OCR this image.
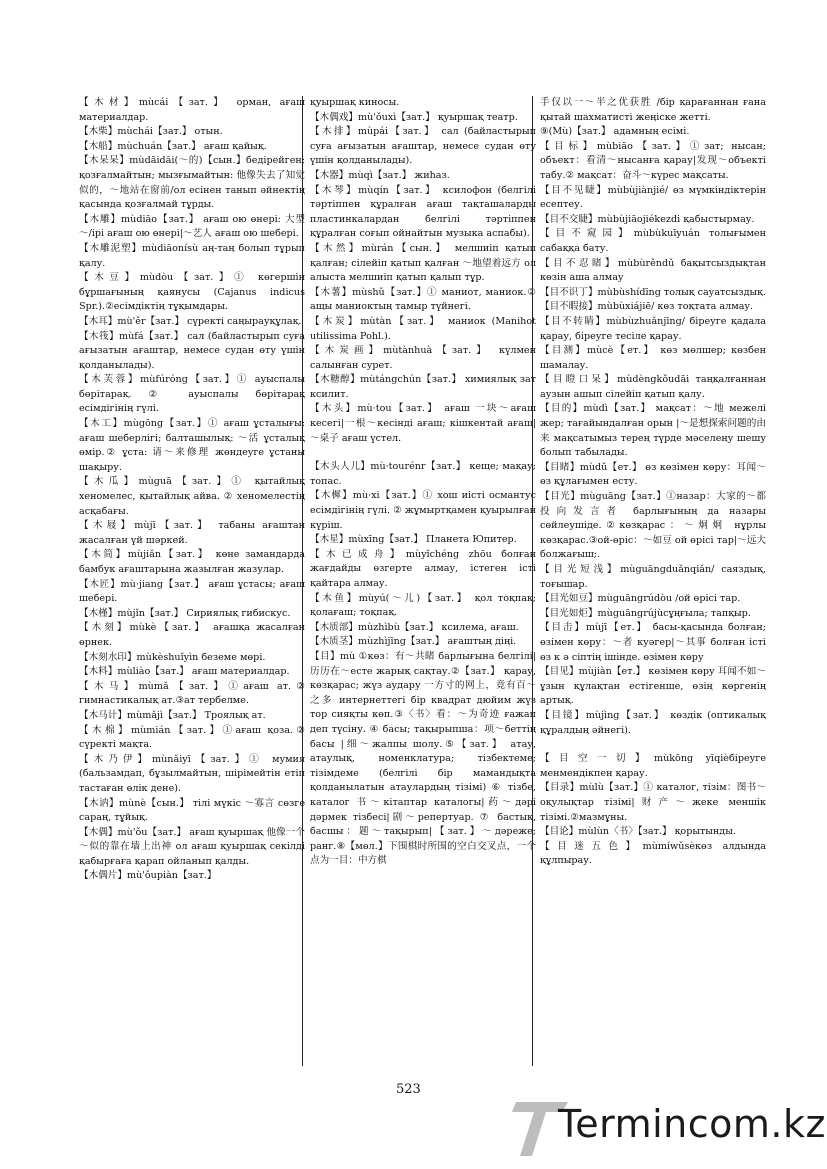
【木材】mùcái【зат.】 орман, ағаш материалдар.

【木柴】mùchái【зат.】 отын.

【木船】mùchuán【зат.】 ағаш қайық.

【木呆呆】mùdāidāi(～的)【сын.】бедірейген; қозғалмайтын; мызғымайтын: 他像失去了知觉似的，～地站在窗前/ол есінен танып әйнектің қасында қозғалмай тұрды.

【木雕】mùdiāo【зат.】 ағаш ою өнері: 大型～/ірі ағаш ою өнері|～艺人 ағаш ою шебері.

【木雕泥塑】mùdiāonísù аң-таң болып тұрып қалу.

【木豆】mùdòu【зат.】① көгершін бұршағының қаянусы (Cajanus indicus Spr.).②есімдіктің тұқымдары.

【木耳】mù'ěr【зат.】 сүректі саңырауқұлақ.

【木筏】mùfá【зат.】 сал (байластырып суға ағызатын ағаштар, немесе судан өту үшін қолданылады).

【木芙蓉】mùfúróng【зат.】① ауыспалы бөрітарақ. ② ауыспалы бөрітарақ есімдігінің гүлі.

【木工】mùgōng【зат.】① ағаш ұсталығы; ағаш шеберлігі; балташылық: ～活 ұсталық өмір.② ұста: 请～来修理 жөндеуге ұстаны шақыру.

【木瓜】mùguā【зат.】① қытайлық хеномелес, қытайлық айва. ② хеномелестің асқабағы.

【木屐】mùjī【зат.】 табаны ағаштан жасалған үй шәркей.

【木简】mùjiǎn【зат.】 көне замандарда бамбук ағаштарына жазылған жазулар.

【木匠】mù·jiang【зат.】 ағаш ұстасы; ағаш шебері.

【木槿】mùjǐn【зат.】 Сириялық гибискус.

【木刻】mùkè【зат.】 ағашқа жасалған өрнек.

【木刻水印】mùkèshuǐyìn беземе мөрі.

【木料】mùliào【зат.】 ағаш материалдар.

【木马】mùmǎ【зат.】①ағаш ат.② гимнастикалық ат.③ат тербелме.

【木马计】mùmǎjì【зат.】 Троялық ат.

【木棉】mùmián【зат.】①ағаш қоза.② сүректі мақта.

【木乃伊】mùnǎiyī【зат.】① мумия (бальзамдап, бұзылмайтын, шірімейтін етіп тастаған өлік дене).

【木讷】mùnè【сын.】 тілі мүкіс ～寡言 сөзге сараң, тұйық.

【木偶】mù'ǒu【зат.】 ағаш қуыршақ 他像一个～似的靠在墙上出神 ол ағаш қуыршақ секілді қабырғаға қарап ойланып қалды.

【木偶片】mù'ǒupiàn【зат.】

қуыршақ киносы.

【木偶戏】mù'ǒuxì【зат.】 қуыршақ театр.

【木排】mùpái【зат.】 сал (байластырып суға ағызатын ағаштар, немесе судан өту үшін қолданылады).

【木器】mùqì【зат.】 жиһаз.

【木琴】mùqín【зат.】 ксилофон (белгілі тәртіппен құралған ағаш тақташаларды пластинкалардан белгілі тәртіппен құралған соғып ойнайтын музыка аспабы).

【木然】mùrán【сын.】 мелшиіп қатып қалған; сілейіп қатып қалған ～地望着远方 ол алыста мелшиіп қатып қалып тұр.

【木薯】mùshǔ【зат.】① маниот, маниок.② ащы маниоктың тамыр түйнегі.

【木炭】mùtàn【зат.】 маниок (Manihot utilissima Pohl.).

【木炭画】mùtànhuà【зат.】 күлмен салынған сурет.

【木糖醇】mùtángchún【зат.】 химиялық зат ксилит.

【木头】mù·tou【зат.】 ағаш 一块～ағаш кесегі|一根～кесінді ағаш; кішкентай ағаш|～桌子 ағаш үстел.

【木头人儿】mù·tourénr【зат.】 кеще; мақау; топас.

【木樨】mù·xi【зат.】① хош иісті османтус есімдігінің гүлі. ② жұмыртқамен қуырылған күріш.

【木星】mùxīng【зат.】 Планета Юпитер.

【木已成舟】mùyǐchéng zhōu болған жағдайды өзгерте алмау, істеген істі қайтара алмау.

【木鱼】mùyú(～儿)【зат.】 қол тоқпақ; қолағаш; тоқпақ.

【木质部】mùzhìbù【зат.】 ксилема, ағаш.

【木质茎】mùzhìjīng【зат.】 ағаштың діңі.

【目】mù ①көз：有～共睹 барлығына белгілі|历历在～есте жарық сақтау.②【зат.】 қарау, көзқарас; жүз аудару 一方寸的网上，竟有百～之多 интернеттегі бір квадрат дюйим жүз тор сияқты көп.③〈书〉看：～为奇迹 ғажап деп түсіну. ④ басы; тақырыпша：项～беттің басы |细～жалпы шолу.⑤【зат.】 атау, атаулық, номенклатура; тізбектеме; тізімдеме (белгілі бір мамандықта қолданылатын атаулардың тізімі) ⑥ тізбе, каталог 书～кітаптар каталогы|药～дәрі дәрмек тізбесі|剧～репертуар. ⑦ бастық, басшы：题～тақырып|【зат.】～дәреже; ранг.⑧【мөл.】下围棋时所围的空白交叉点，一个点为一目：中方棋

手仅以一～半之优获胜 /бір қарағаннан ғана қытай шахматисті жеңіске жетті.

⑨(Mù)【зат.】 адамның есімі.

【目标】mùbiāo【зат.】①зат; нысан; объект：看清～нысанға қарау|发现～объекті табу.② мақсат：奋斗～күрес мақсаты.

【目不见睫】mùbùjiànjié/ өз мүмкіндіктерін есептеу.

【目不交睫】mùbùjiāojiékezdi қабыстырмау.

【目不窥园】mùbùkuīyuán толығымен сабаққа бату.

【目不忍睹】mùbùrěndǔ бақытсыздықтан көзін аша алмау

【目不识丁】mùbùshídīng толық сауатсыздық.

【目不暇接】mùbùxiájiē/ көз тоқтата алмау.

【目不转睛】mùbùzhuǎnjīng/ біреуге қадала қарау, біреуге тесіле қарау.

【目测】mùcè【ет.】 көз мөлшер; көзбен шамалау.

【目瞪口呆】mùdèngkǒudāi таңқалғаннан аузын ашып сілейіп қатып қалу.

【目的】mùdì【зат.】 мақсат：～地 межелі жер; тағайындалған орын |～是想探索问题的由来 мақсатымыз терең түрде мәселеңу шешу болып табылады.

【目睹】mùdǔ【ет.】 өз көзімен көру：耳闻～өз құлағымен есту.

【目光】mùguāng【зат.】①назар：大家的～都投向发言者 барлығының да назары сөйлеушіде.②көзқарас：～炯炯 нұрлы көзқарас.③ой-өріс：～如豆 ой өрісі тар|～远大 болжағыш;.

【目光短浅】mùguāngduǎnqiǎn/ саяздық, тоғышар.

【目光如豆】mùguāngrúdòu /ой өрісі тар.

【目光如炬】mùguāngrújùсұңғыла; тапқыр.

【目击】mùjī【ет.】 басы-қасында болған; өзімен көру：～者 куәгер|～其事 болған істі өз к ә сіптің ішінде. өзімен көру

【目见】mùjiàn【ет.】 көзімен көру 耳闻不如～ұзын құлақтан естігенше, өзің көргенің артық.

【目镜】mùjìng【зат.】 көздік (оптикалық құралдың әйнегі).

【目空一切】mùkōng yīqièбіреуге менмендікпен қарау.

【目录】mùlù【зат.】① каталог, тізім：图书～оқулықтар тізімі|财产～жеке меншік тізімі.②мазмұны.

【目论】mùlùn〈书〉【зат.】 қорытынды.

【目迷五色】mùmíwǔsèкөз алдында құлпырау.

523
Termincom.kz
